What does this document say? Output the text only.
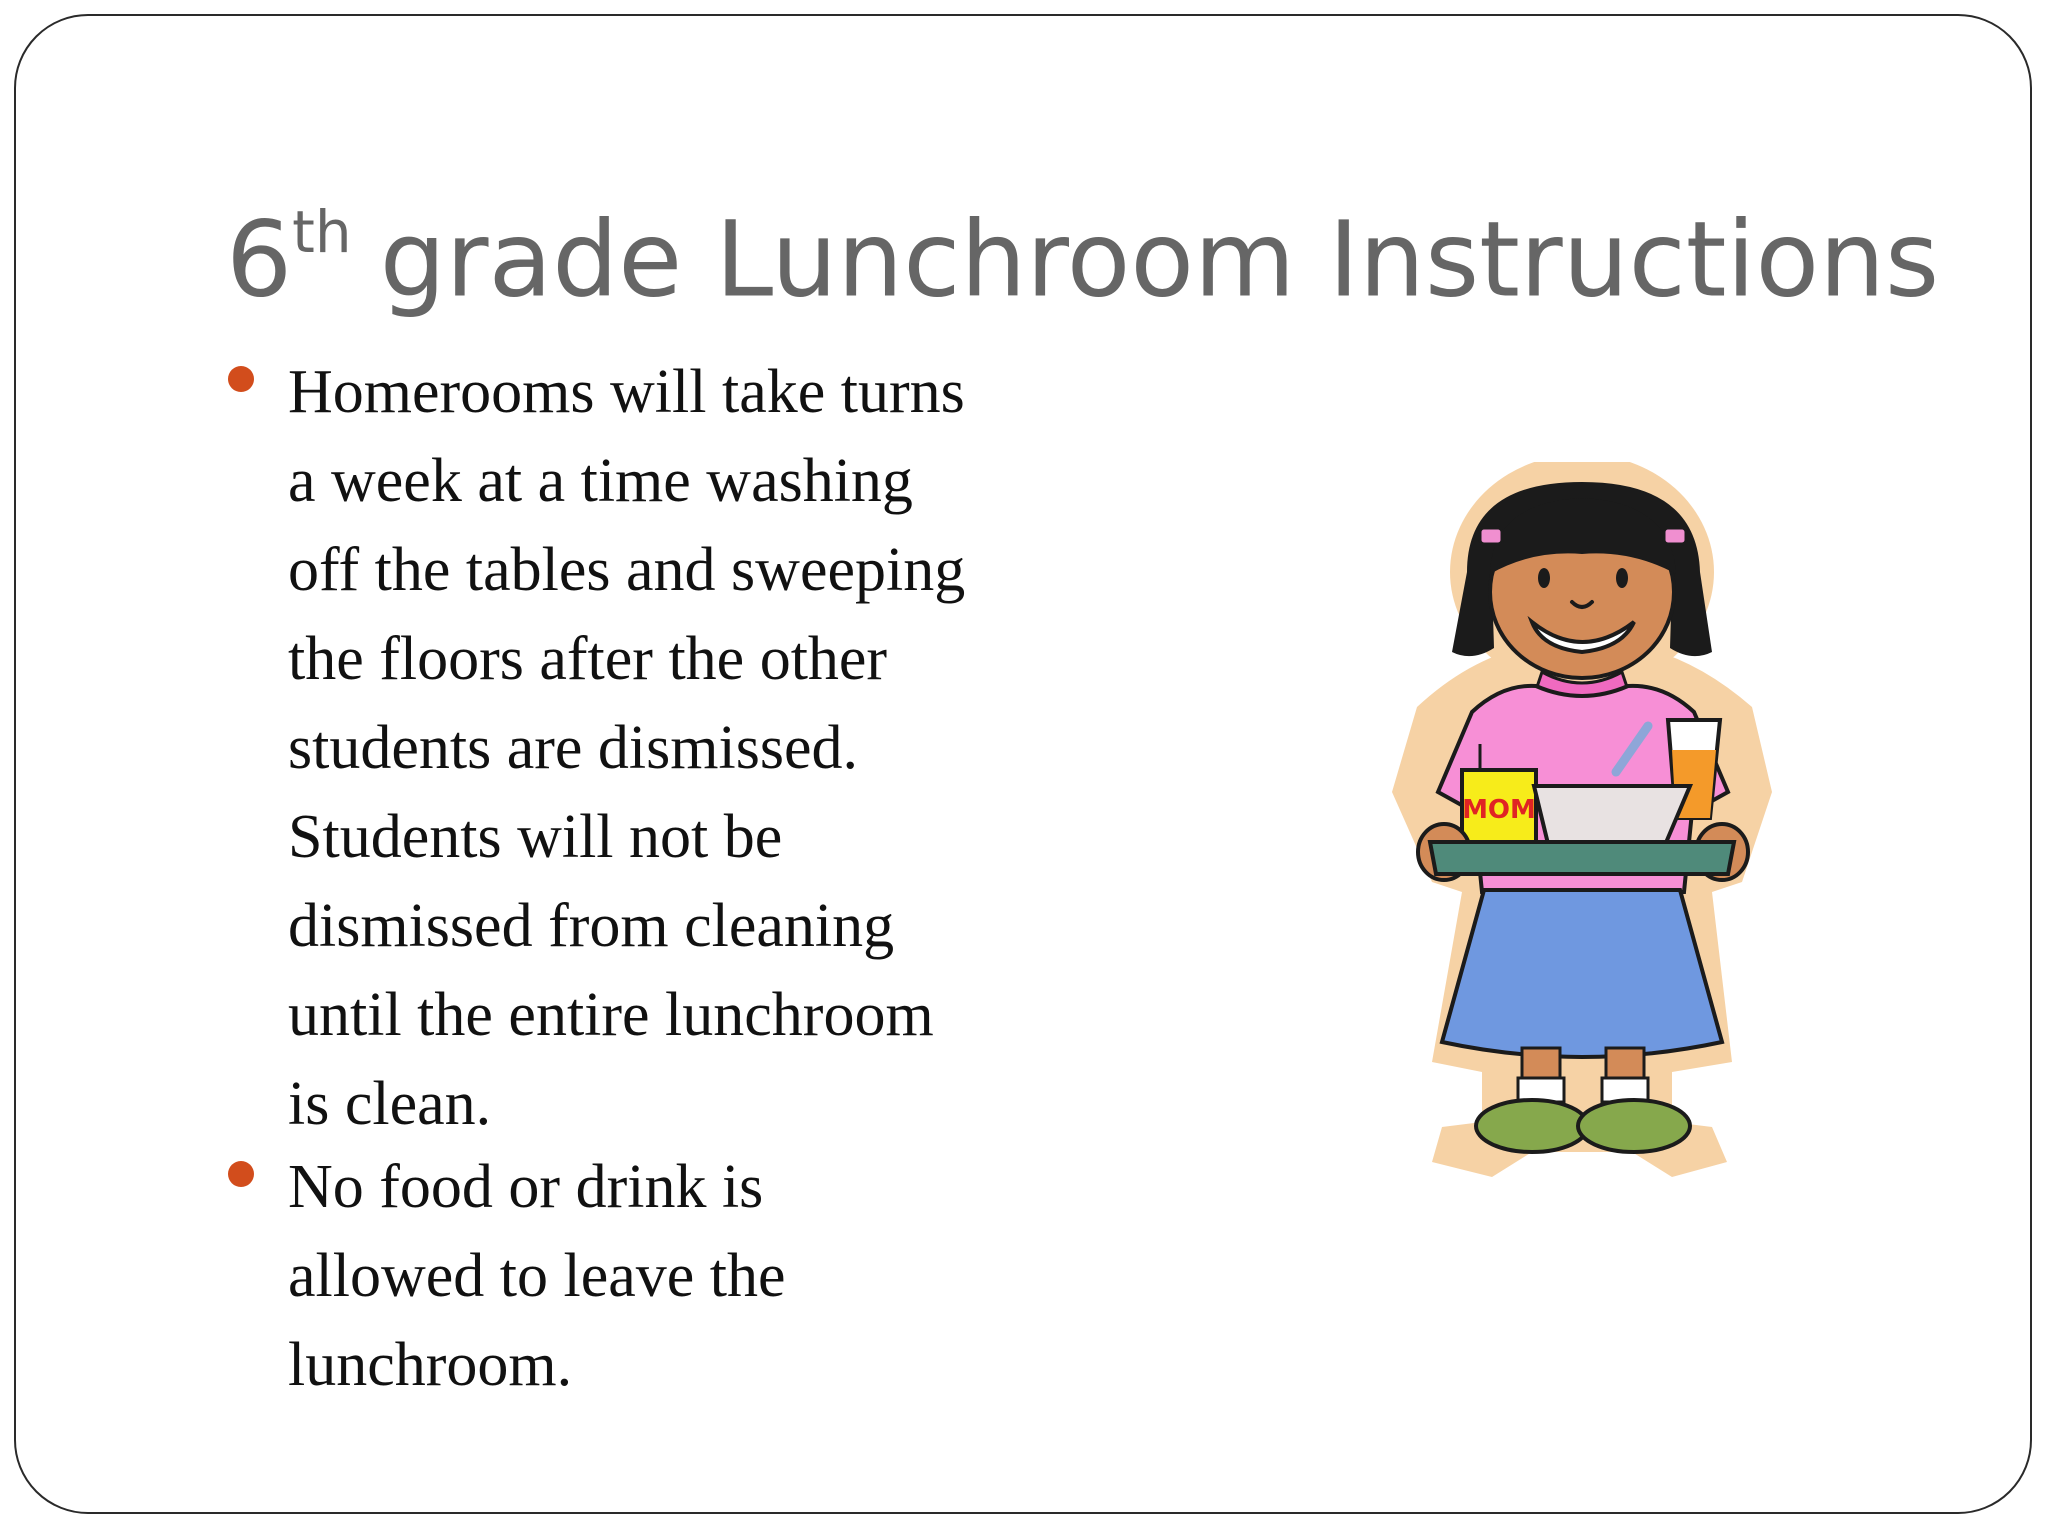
6th grade Lunchroom Instructions
Homerooms will take turns
a week at a time washing
off the tables and sweeping
the floors after the other
students are dismissed.
Students will not be
dismissed from cleaning
until the entire lunchroom
is clean.
No food or drink is
allowed to leave the
lunchroom.
MOM
